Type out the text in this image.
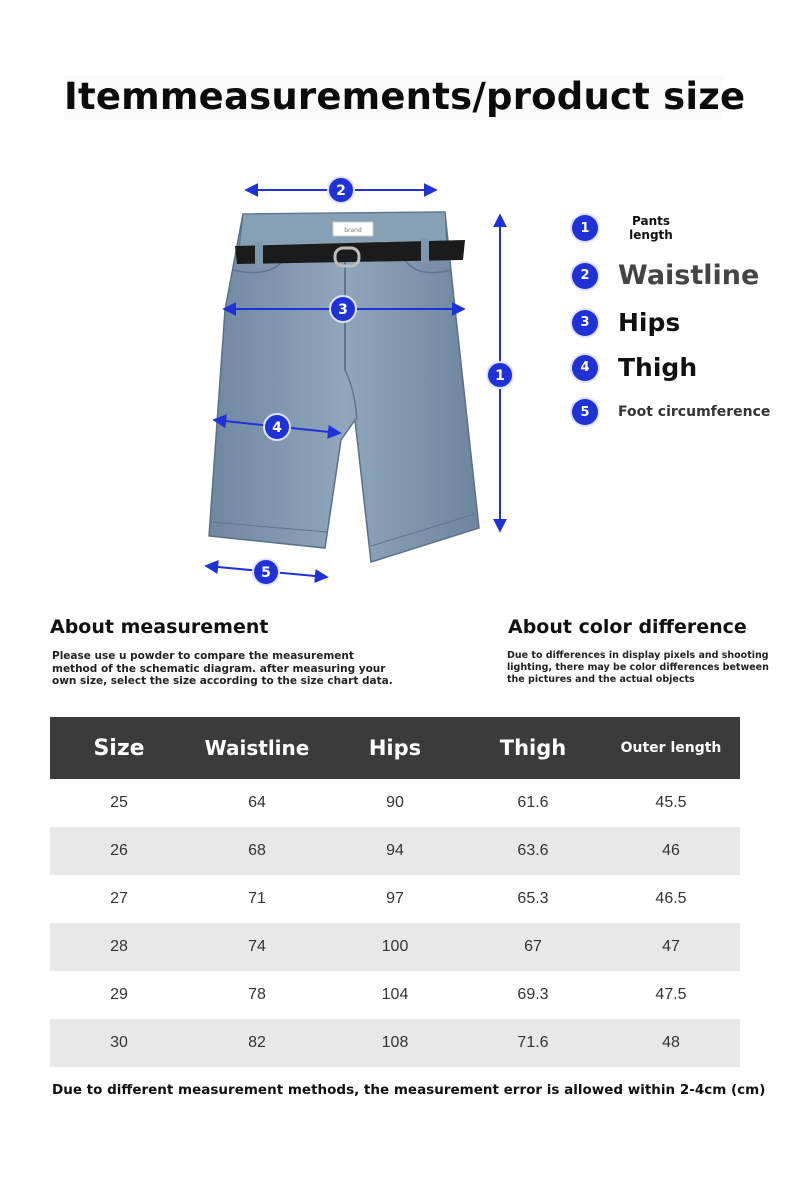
Itemmeasurements/product size
brand
2
3
1
4
5
1	Pants length
2	Waistline
3	Hips
4	Thigh
5	Foot circumference
About measurement

Please use u powder to compare the measurement method of the schematic diagram. after measuring your own size, select the size according to the size chart data.

About color difference

Due to differences in display pixels and shooting lighting, there may be color differences between the pictures and the actual objects

Size	Waistline	Hips	Thigh	Outer length
25	64	90	61.6	45.5
26	68	94	63.6	46
27	71	97	65.3	46.5
28	74	100	67	47
29	78	104	69.3	47.5
30	82	108	71.6	48

Due to different measurement methods, the measurement error is allowed within 2-4cm (cm)
